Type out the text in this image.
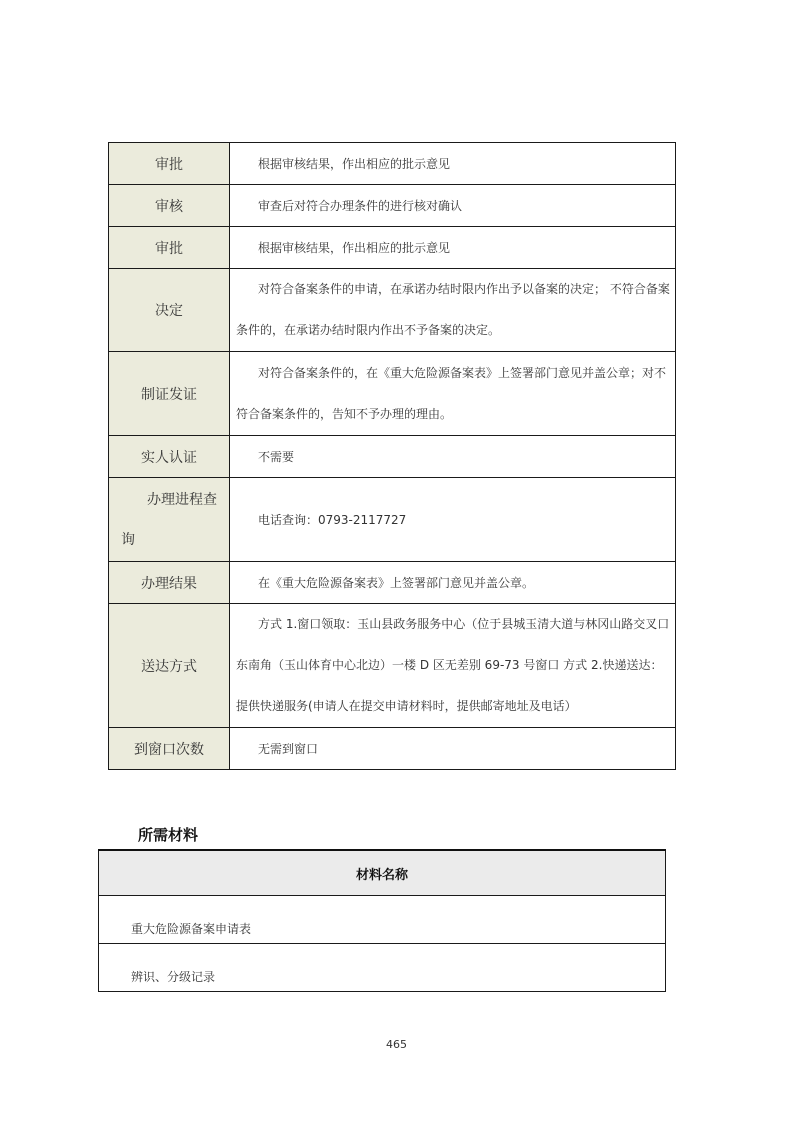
审批	根据审核结果，作出相应的批示意见

审核	审查后对符合办理条件的进行核对确认

审批	根据审核结果，作出相应的批示意见

决定	对符合备案条件的申请，在承诺办结时限内作出予以备案的决定； 不符合备案

条件的，在承诺办结时限内作出不予备案的决定。

制证发证	对符合备案条件的，在《重大危险源备案表》上签署部门意见并盖公章；对不

符合备案条件的，告知不予办理的理由。

实人认证	不需要

办理进程查
询	电话查询：0793-2117727

办理结果	在《重大危险源备案表》上签署部门意见并盖公章。

送达方式	方式 1.窗口领取：玉山县政务服务中心（位于县城玉清大道与林冈山路交叉口

东南角（玉山体育中心北边）一楼 D 区无差别 69-73 号窗口 方式 2.快递送达：

提供快递服务(申请人在提交申请材料时，提供邮寄地址及电话）

到窗口次数	无需到窗口

所需材料
材料名称
重大危险源备案申请表
辨识、分级记录
465
